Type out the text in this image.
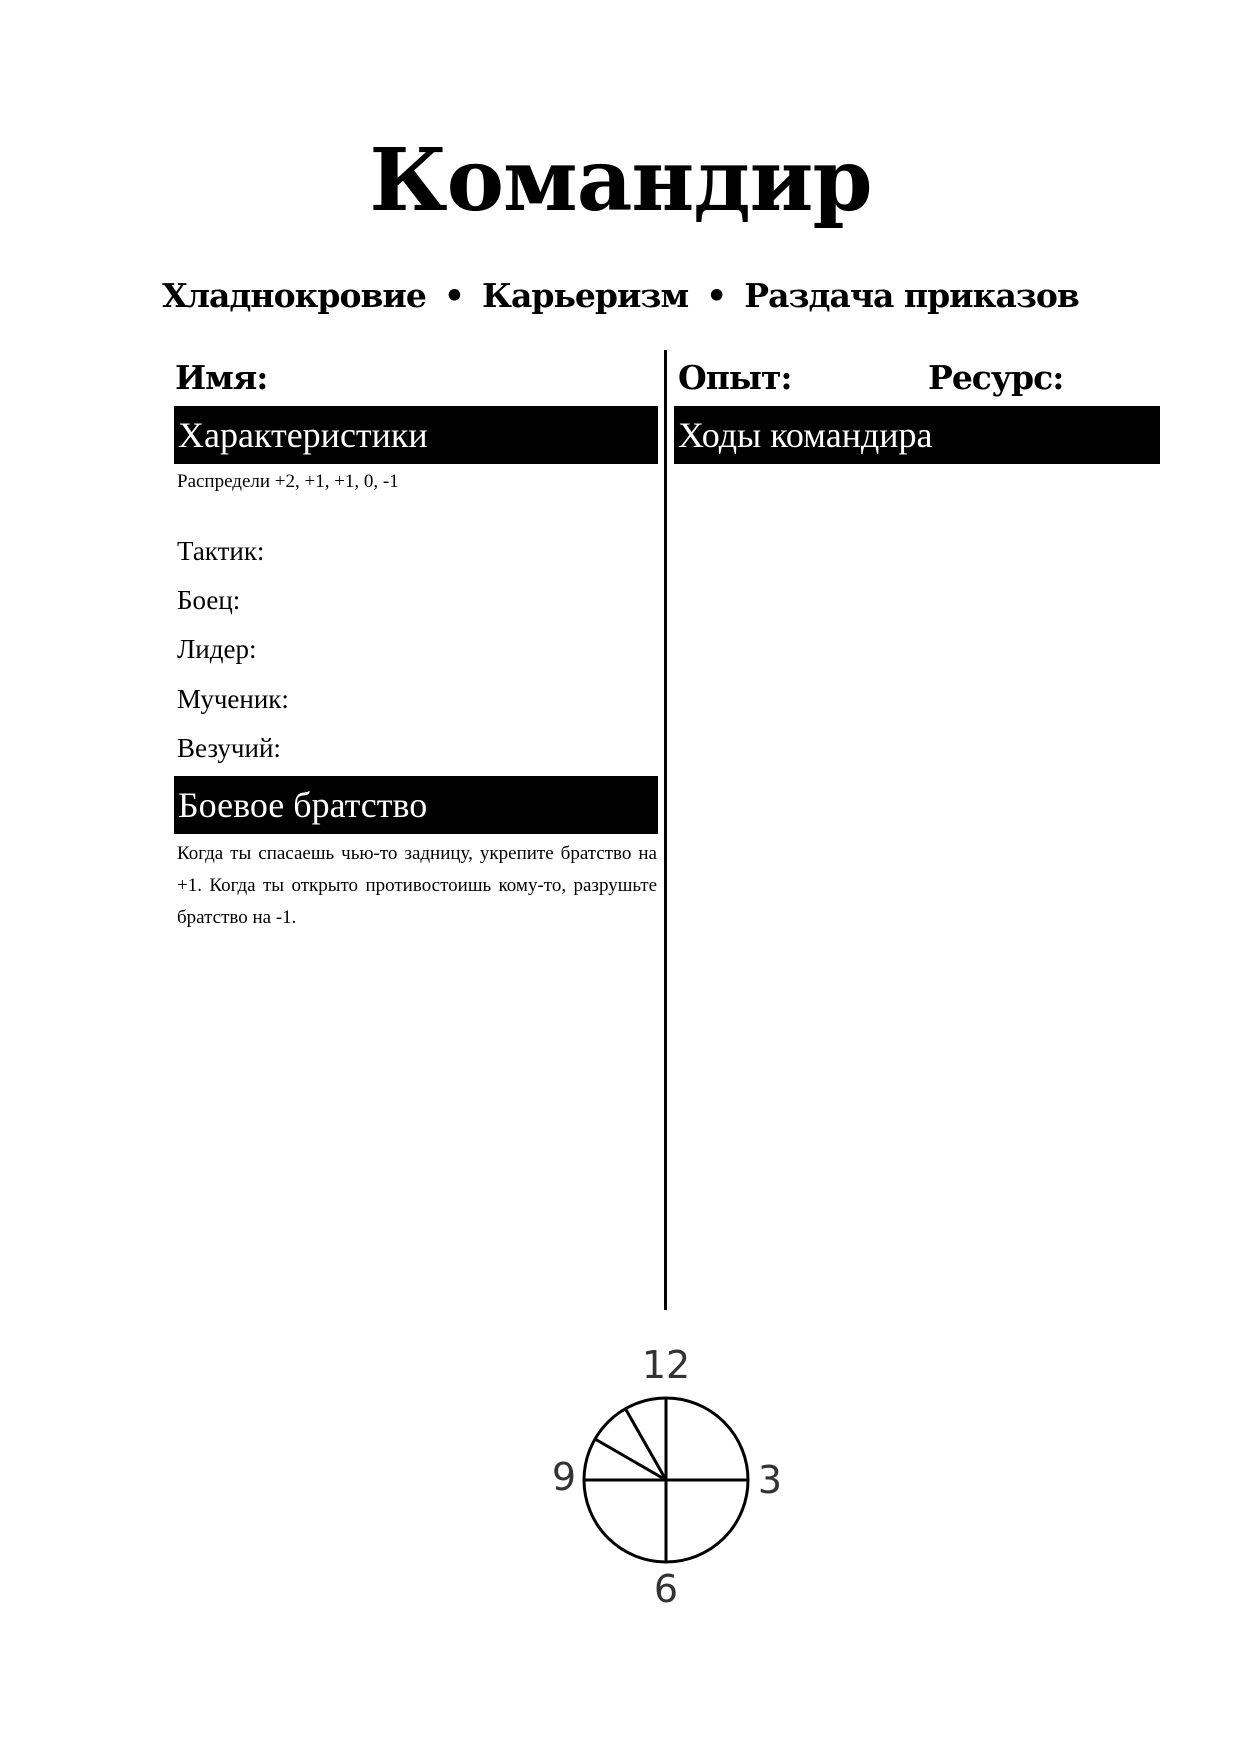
Командир
Хладнокровие • Карьеризм • Раздача приказов
Имя:
Характеристики
Распредели +2, +1, +1, 0, -1
Тактик:
Боец:
Лидер:
Мученик:
Везучий:
Боевое братство
Когда ты спасаешь чью-то задницу, укрепите братство на +1. Когда ты открыто противостоишь кому-то, разрушьте братство на -1.
Опыт:	Ресурс:
Ходы командира
12
3
6
9
